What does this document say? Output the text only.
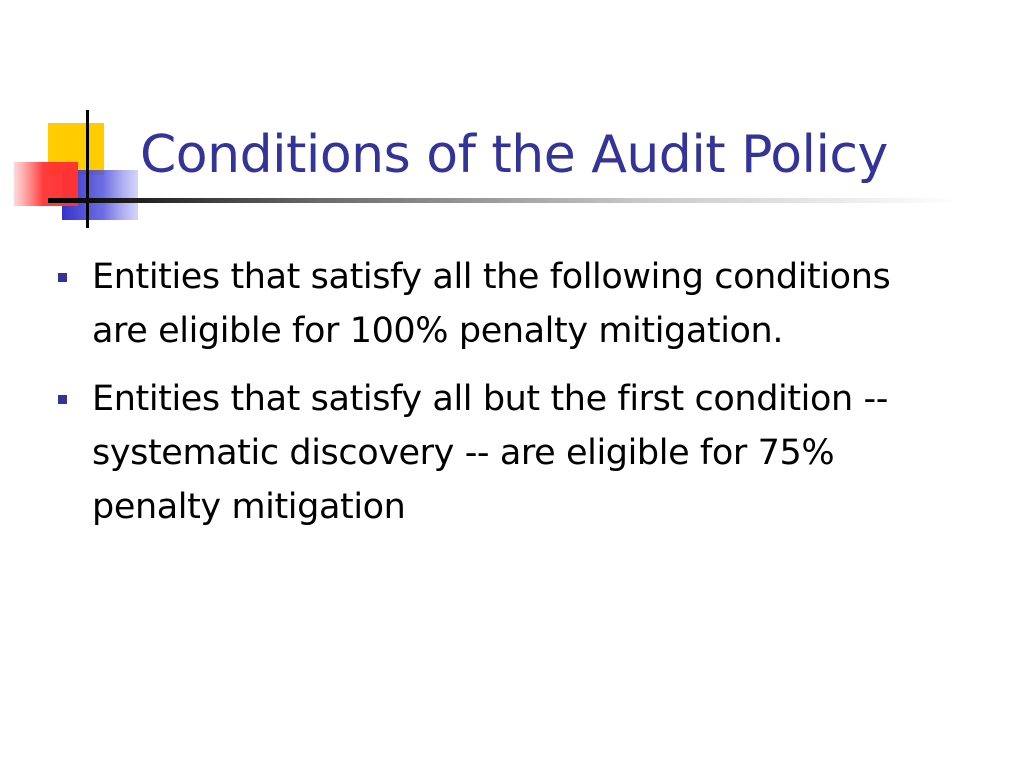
Conditions of the Audit Policy
Entities that satisfy all the following conditions are eligible for 100% penalty mitigation.
Entities that satisfy all but the first condition -- systematic discovery -- are eligible for 75% penalty mitigation
